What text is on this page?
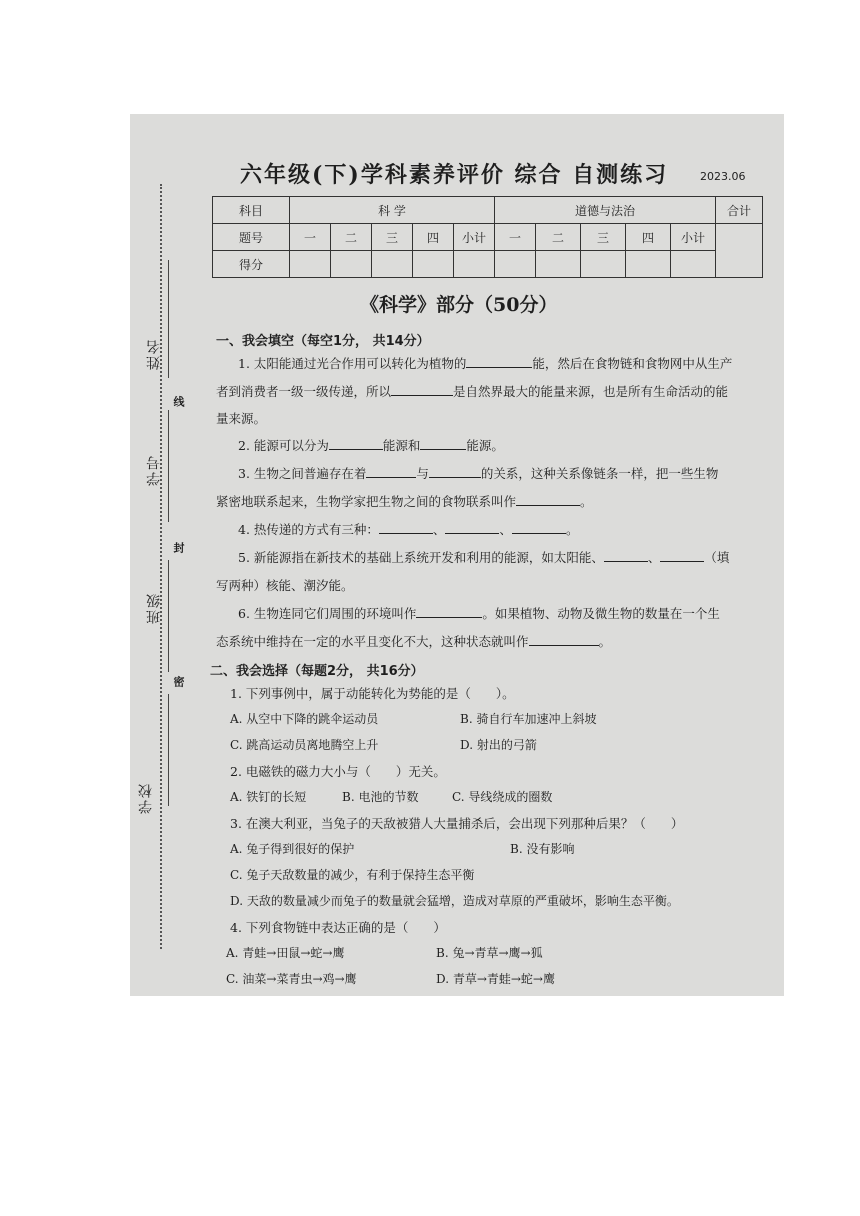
线
封
密
姓名
学号
班级
学校
六年级(下)学科素养评价 综合 自测练习	2023.06
科目	科 学					道德与法治					合计
题号	一	二	三	四	小计	一	二	三	四	小计	
得分											
《科学》部分（50分）
一、我会填空（每空1分， 共14分）
1. 太阳能通过光合作用可以转化为植物的	能，然后在食物链和食物网中从生产
者到消费者一级一级传递，所以	是自然界最大的能量来源，也是所有生命活动的能
量来源。
2. 能源可以分为	能源和	能源。
3. 生物之间普遍存在着	与	的关系，这种关系像链条一样，把一些生物
紧密地联系起来，生物学家把生物之间的食物联系叫作	。
4. 热传递的方式有三种：	、	、	。
5. 新能源指在新技术的基础上系统开发和利用的能源，如太阳能、	、	（填
写两种）核能、潮汐能。
6. 生物连同它们周围的环境叫作	。如果植物、动物及微生物的数量在一个生
态系统中维持在一定的水平且变化不大，这种状态就叫作	。
二、我会选择（每题2分， 共16分）
1. 下列事例中，属于动能转化为势能的是（　　）。
A. 从空中下降的跳伞运动员	B. 骑自行车加速冲上斜坡
C. 跳高运动员离地腾空上升	D. 射出的弓箭
2. 电磁铁的磁力大小与（　　）无关。
A. 铁钉的长短	B. 电池的节数	C. 导线绕成的圈数
3. 在澳大利亚，当兔子的天敌被猎人大量捕杀后，会出现下列那种后果？（　　）
A. 兔子得到很好的保护	B. 没有影响
C. 兔子天敌数量的减少，有利于保持生态平衡
D. 天敌的数量减少而兔子的数量就会猛增，造成对草原的严重破坏，影响生态平衡。
4. 下列食物链中表达正确的是（　　）
A. 青蛙→田鼠→蛇→鹰	B. 兔→青草→鹰→狐
C. 油菜→菜青虫→鸡→鹰	D. 青草→青蛙→蛇→鹰
